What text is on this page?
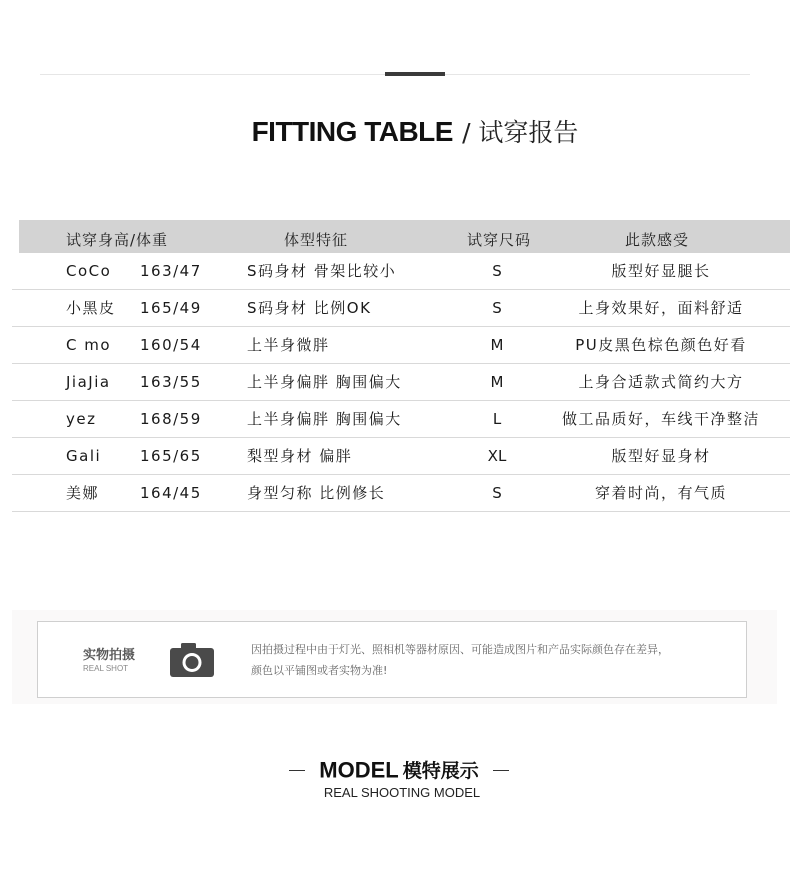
FITTING TABLE / 试穿报告
试穿身高/体重	体型特征	试穿尺码	此款感受
CoCo 163/47	S码身材 骨架比较小	S	版型好显腿长
小黑皮 165/49	S码身材 比例OK	S	上身效果好，面料舒适
C mo 160/54	上半身微胖	M	PU皮黑色棕色颜色好看
JiaJia 163/55	上半身偏胖 胸围偏大	M	上身合适款式简约大方
yez	168/59	上半身偏胖 胸围偏大	L	做工品质好，车线干净整洁
Gali	165/65	梨型身材 偏胖	XL	版型好显身材
美娜	164/45	身型匀称 比例修长	S	穿着时尚，有气质
实物拍摄
REAL SHOT
因拍摄过程中由于灯光、照相机等器材原因、可能造成图片和产品实际颜色存在差异，
颜色以平铺图或者实物为准!
MODEL 模特展示
REAL SHOOTING MODEL
